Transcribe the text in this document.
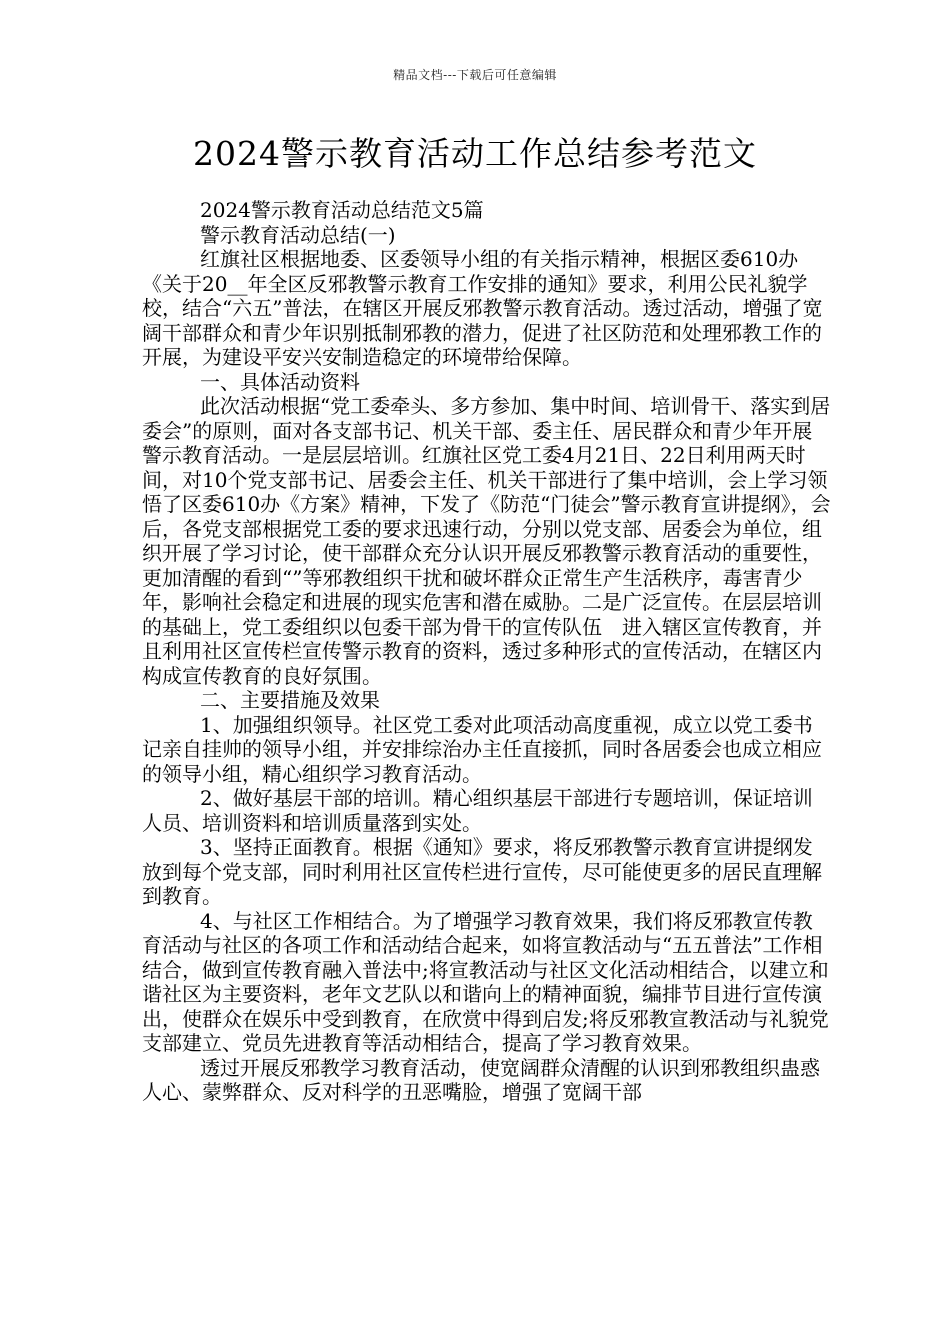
精品文档---下载后可任意编辑
2024警示教育活动工作总结参考范文

2024警示教育活动总结范文5篇

警示教育活动总结(一)

红旗社区根据地委、区委领导小组的有关指示精神，根据区委610办《关于20__年全区反邪教警示教育工作安排的通知》要求，利用公民礼貌学校，结合“六五”普法，在辖区开展反邪教警示教育活动。透过活动，增强了宽阔干部群众和青少年识别抵制邪教的潜力，促进了社区防范和处理邪教工作的开展，为建设平安兴安制造稳定的环境带给保障。

一、具体活动资料

此次活动根据“党工委牵头、多方参加、集中时间、培训骨干、落实到居委会”的原则，面对各支部书记、机关干部、委主任、居民群众和青少年开展警示教育活动。一是层层培训。红旗社区党工委4月21日、22日利用两天时间，对10个党支部书记、居委会主任、机关干部进行了集中培训，会上学习领悟了区委610办《方案》精神，下发了《防范“门徒会”警示教育宣讲提纲》，会后，各党支部根据党工委的要求迅速行动，分别以党支部、居委会为单位，组织开展了学习讨论，使干部群众充分认识开展反邪教警示教育活动的重要性，更加清醒的看到“”等邪教组织干扰和破坏群众正常生产生活秩序，毒害青少年，影响社会稳定和进展的现实危害和潜在威胁。二是广泛宣传。在层层培训的基础上，党工委组织以包委干部为骨干的宣传队伍　进入辖区宣传教育，并且利用社区宣传栏宣传警示教育的资料，透过多种形式的宣传活动，在辖区内构成宣传教育的良好氛围。

二、主要措施及效果

1、加强组织领导。社区党工委对此项活动高度重视，成立以党工委书记亲自挂帅的领导小组，并安排综治办主任直接抓，同时各居委会也成立相应的领导小组，精心组织学习教育活动。

2、做好基层干部的培训。精心组织基层干部进行专题培训，保证培训人员、培训资料和培训质量落到实处。

3、坚持正面教育。根据《通知》要求，将反邪教警示教育宣讲提纲发放到每个党支部，同时利用社区宣传栏进行宣传，尽可能使更多的居民直理解到教育。

4、与社区工作相结合。为了增强学习教育效果，我们将反邪教宣传教育活动与社区的各项工作和活动结合起来，如将宣教活动与“五五普法”工作相结合，做到宣传教育融入普法中;将宣教活动与社区文化活动相结合，以建立和谐社区为主要资料，老年文艺队以和谐向上的精神面貌，编排节目进行宣传演出，使群众在娱乐中受到教育，在欣赏中得到启发;将反邪教宣教活动与礼貌党支部建立、党员先进教育等活动相结合，提高了学习教育效果。

透过开展反邪教学习教育活动，使宽阔群众清醒的认识到邪教组织蛊惑人心、蒙弊群众、反对科学的丑恶嘴脸，增强了宽阔干部
